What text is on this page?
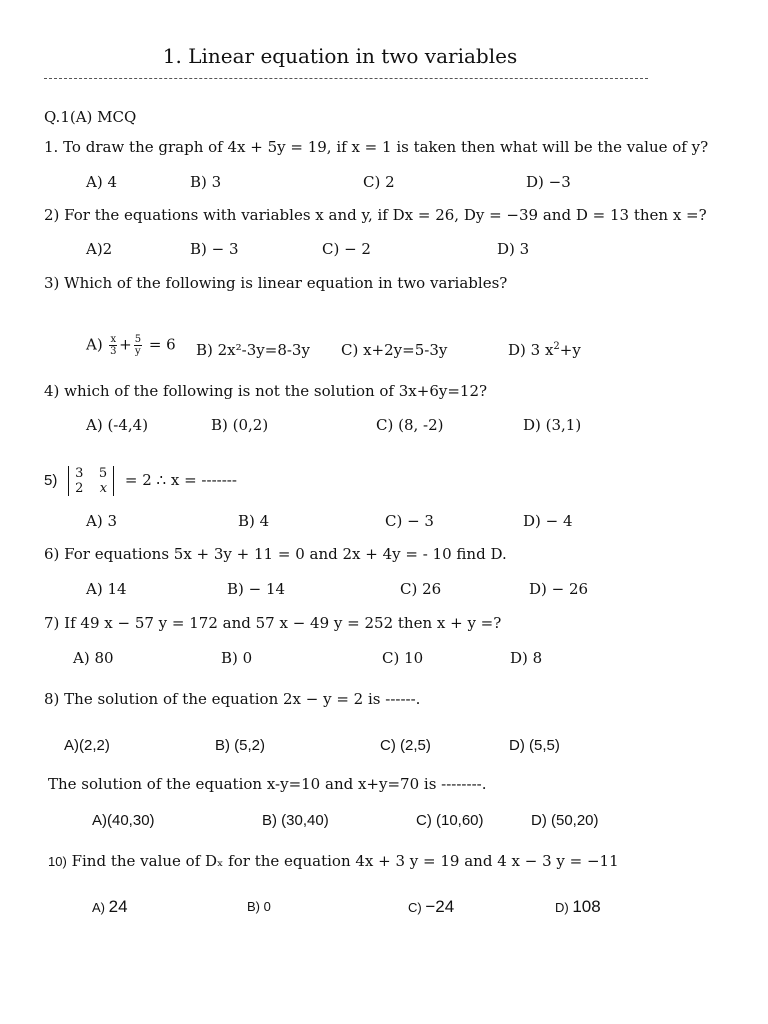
1. Linear equation in two variables
Q.1(A) MCQ
1. To draw the graph of 4x + 5y = 19, if x = 1 is taken then what will be the value of y?
A) 4	B) 3	C) 2	D) −3
2) For the equations with variables x and y, if Dx = 26, Dy = −39 and D = 13 then x =?
A)2	B) − 3	C) − 2	D) 3
3) Which of the following is linear equation in two variables?
$A) \frac{x}{3} + \frac{5}{y} = 6$ B) 2x²-3y=8-3y C) x+2y=5-3y	D) 3 $x^2+y$
4) which of the following is not the solution of 3x+6y=12?
A) (-4,4)	B) (0,2)	C) (8, -2)	D) (3,1)
5) 3 5
2 x = 2 ∴ x = -------
A) 3	B) 4	C) − 3	D) − 4
6) For equations 5x + 3y + 11 = 0 and 2x + 4y = - 10 find D.
A) 14	B) − 14	C) 26	D) − 26
7) If 49 x − 57 y = 172 and 57 x − 49 y = 252 then x + y =?
A) 80	B) 0	C) 10	D) 8
8) The solution of the equation 2x − y = 2 is ------.
A)(2,2)	B) (5,2)	C) (2,5)	D) (5,5)
The solution of the equation x-y=10 and x+y=70 is --------.
A)(40,30)	B) (30,40)	C) (10,60)	D) (50,20)
10) Find the value of Dₓ for the equation 4x + 3 y = 19 and 4 x − 3 y = −11
A) 24	B) 0	C) −24	D) 108
